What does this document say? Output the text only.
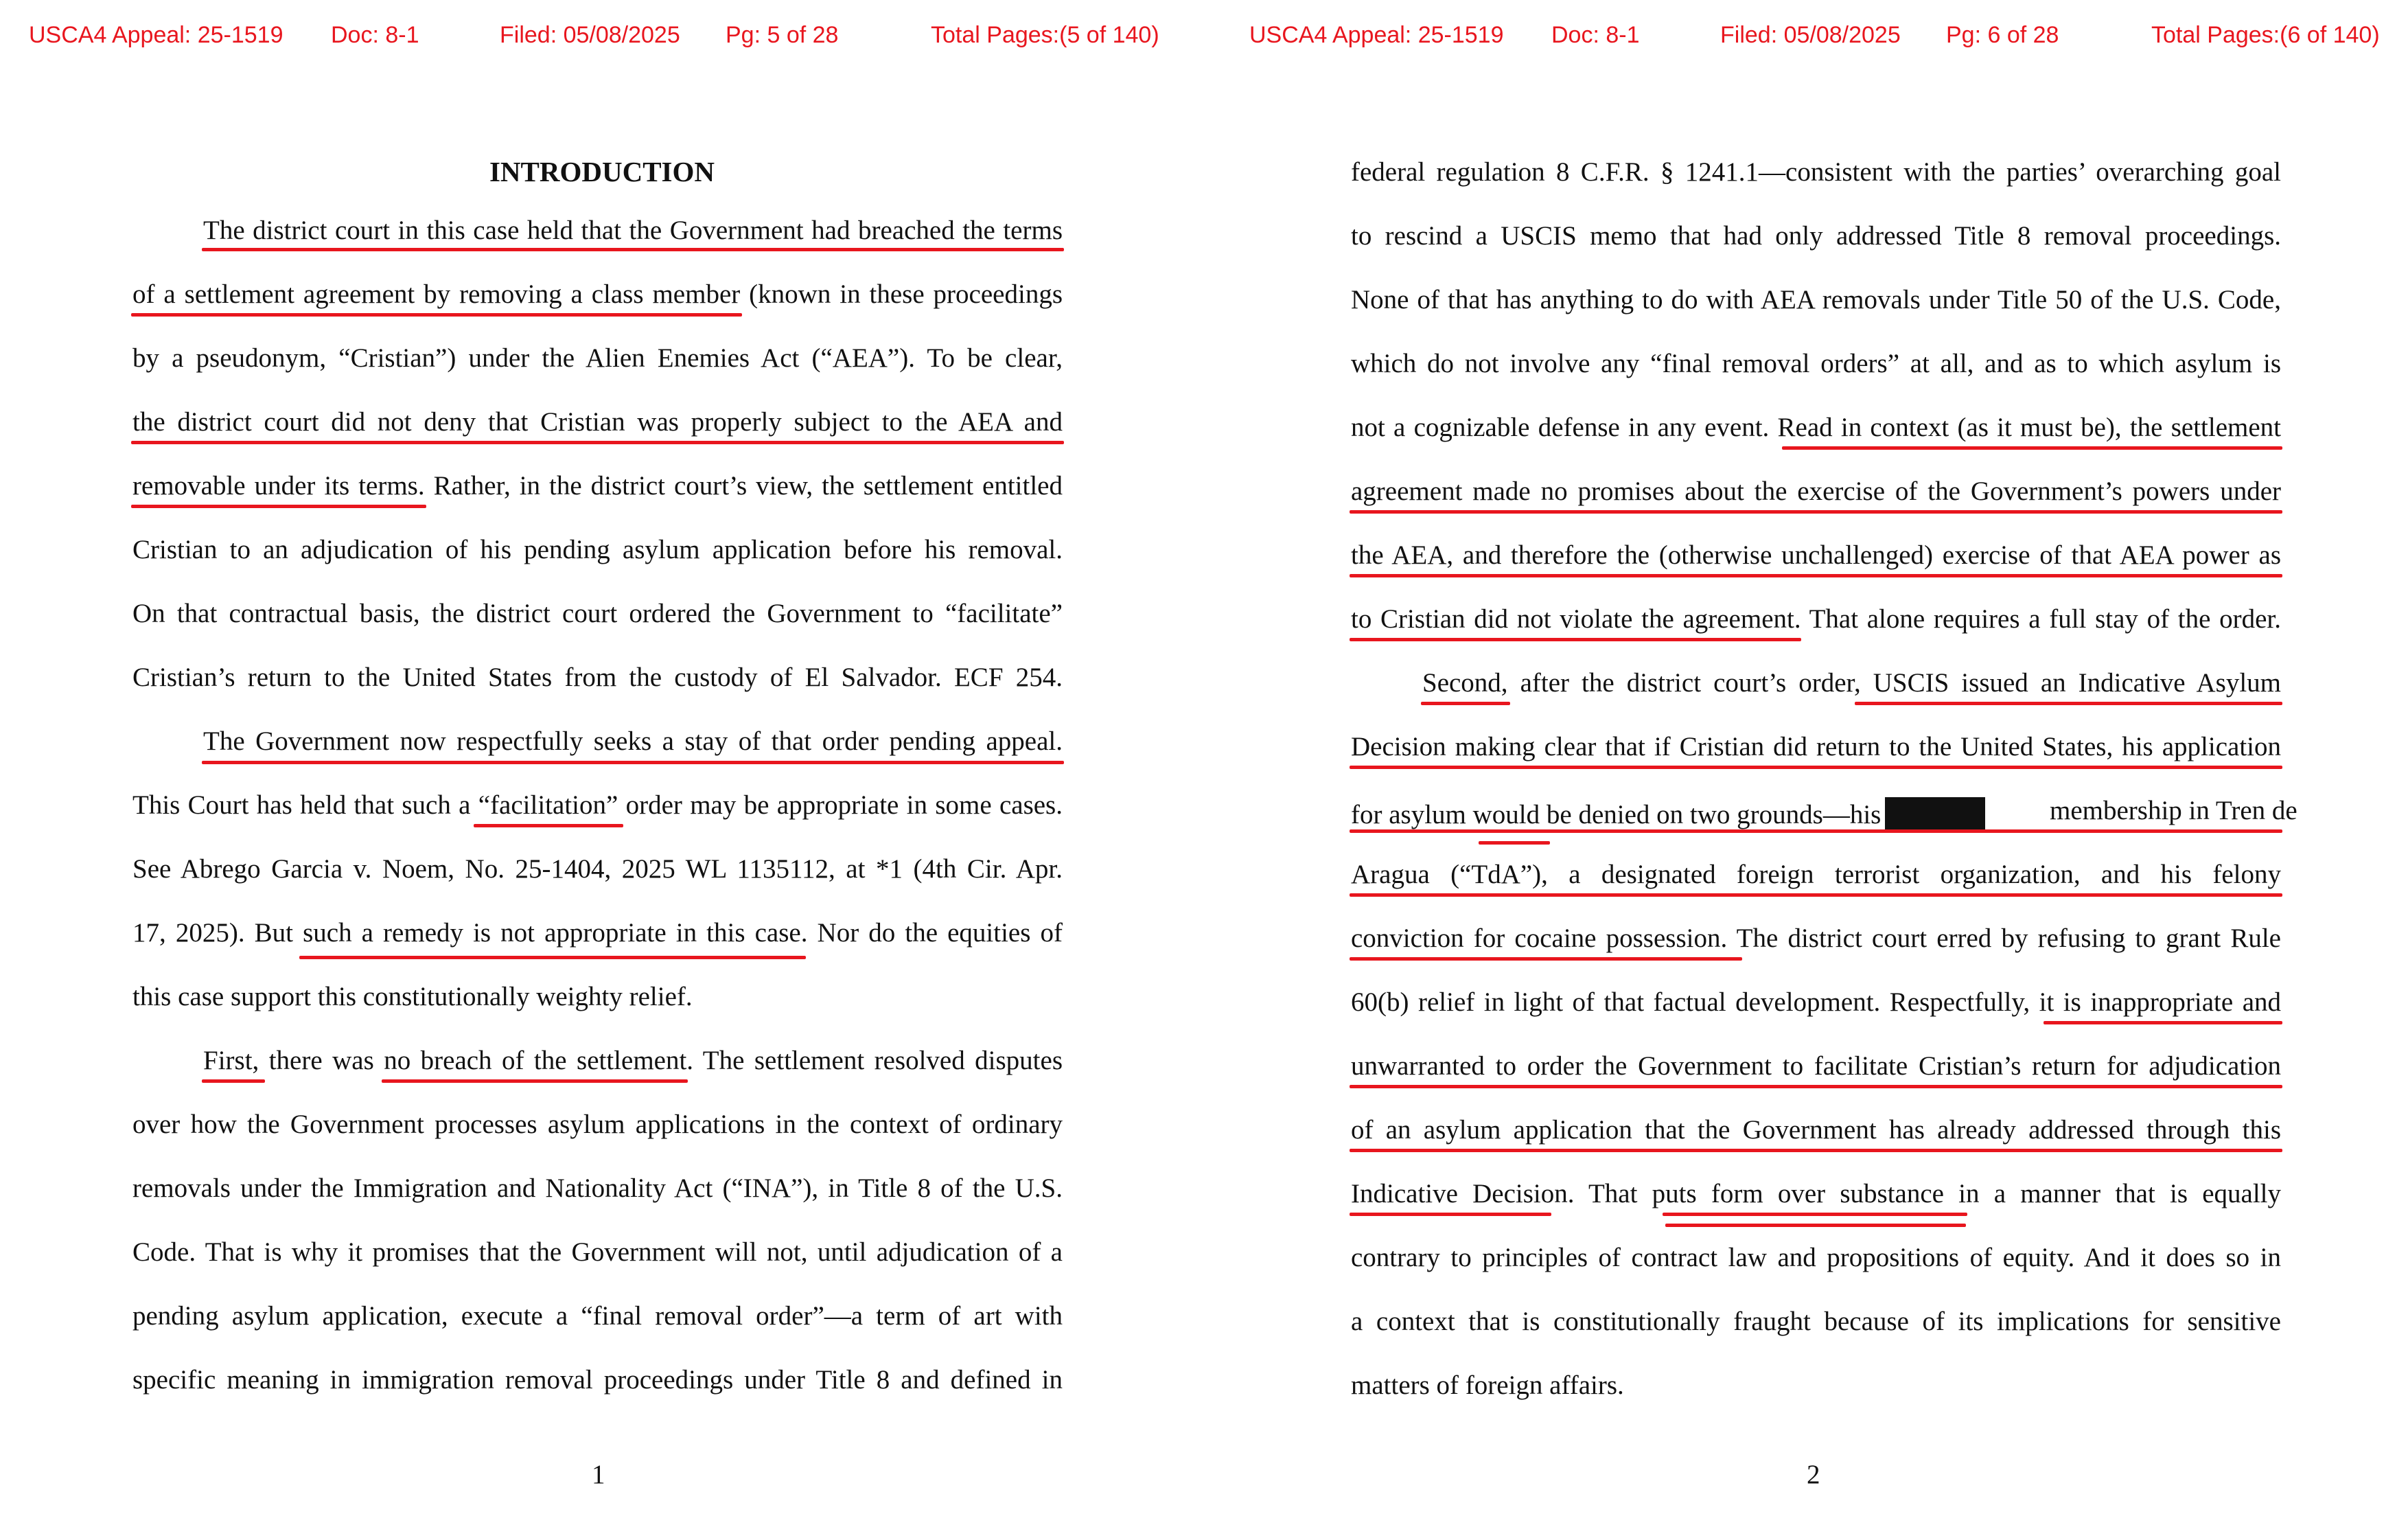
USCA4 Appeal: 25-1519 Doc: 8-1	Filed: 05/08/2025 Pg: 5 of 28	Total Pages:(5 of 140)
INTRODUCTION
The district court in this case held that the Government had breached the terms
of a settlement agreement by removing a class member (known in these proceedings
by a pseudonym, “Cristian”) under the Alien Enemies Act (“AEA”). To be clear,
the district court did not deny that Cristian was properly subject to the AEA and
removable under its terms. Rather, in the district court’s view, the settlement entitled
Cristian to an adjudication of his pending asylum application before his removal.
On that contractual basis, the district court ordered the Government to “facilitate”
Cristian’s return to the United States from the custody of El Salvador. ECF 254.
The Government now respectfully seeks a stay of that order pending appeal.
This Court has held that such a “facilitation” order may be appropriate in some cases.
See Abrego Garcia v. Noem, No. 25-1404, 2025 WL 1135112, at *1 (4th Cir. Apr.
17, 2025). But such a remedy is not appropriate in this case. Nor do the equities of
this case support this constitutionally weighty relief.
First, there was no breach of the settlement. The settlement resolved disputes
over how the Government processes asylum applications in the context of ordinary
removals under the Immigration and Nationality Act (“INA”), in Title 8 of the U.S.
Code. That is why it promises that the Government will not, until adjudication of a
pending asylum application, execute a “final removal order”—a term of art with
specific meaning in immigration removal proceedings under Title 8 and defined in
1
USCA4 Appeal: 25-1519 Doc: 8-1	Filed: 05/08/2025 Pg: 6 of 28	Total Pages:(6 of 140)
federal regulation 8 C.F.R. § 1241.1—consistent with the parties’ overarching goal
to rescind a USCIS memo that had only addressed Title 8 removal proceedings.
None of that has anything to do with AEA removals under Title 50 of the U.S. Code,
which do not involve any “final removal orders” at all, and as to which asylum is
not a cognizable defense in any event. Read in context (as it must be), the settlement
agreement made no promises about the exercise of the Government’s powers under
the AEA, and therefore the (otherwise unchallenged) exercise of that AEA power as
to Cristian did not violate the agreement. That alone requires a full stay of the order.
Second, after the district court’s order, USCIS issued an Indicative Asylum
Decision making clear that if Cristian did return to the United States, his application
for asylum would be denied on two grounds—his	membership in Tren de
Aragua (“TdA”), a designated foreign terrorist organization, and his felony
conviction for cocaine possession. The district court erred by refusing to grant Rule
60(b) relief in light of that factual development. Respectfully, it is inappropriate and
unwarranted to order the Government to facilitate Cristian’s return for adjudication
of an asylum application that the Government has already addressed through this
Indicative Decision. That puts form over substance in a manner that is equally
contrary to principles of contract law and propositions of equity. And it does so in
a context that is constitutionally fraught because of its implications for sensitive
matters of foreign affairs.
2
